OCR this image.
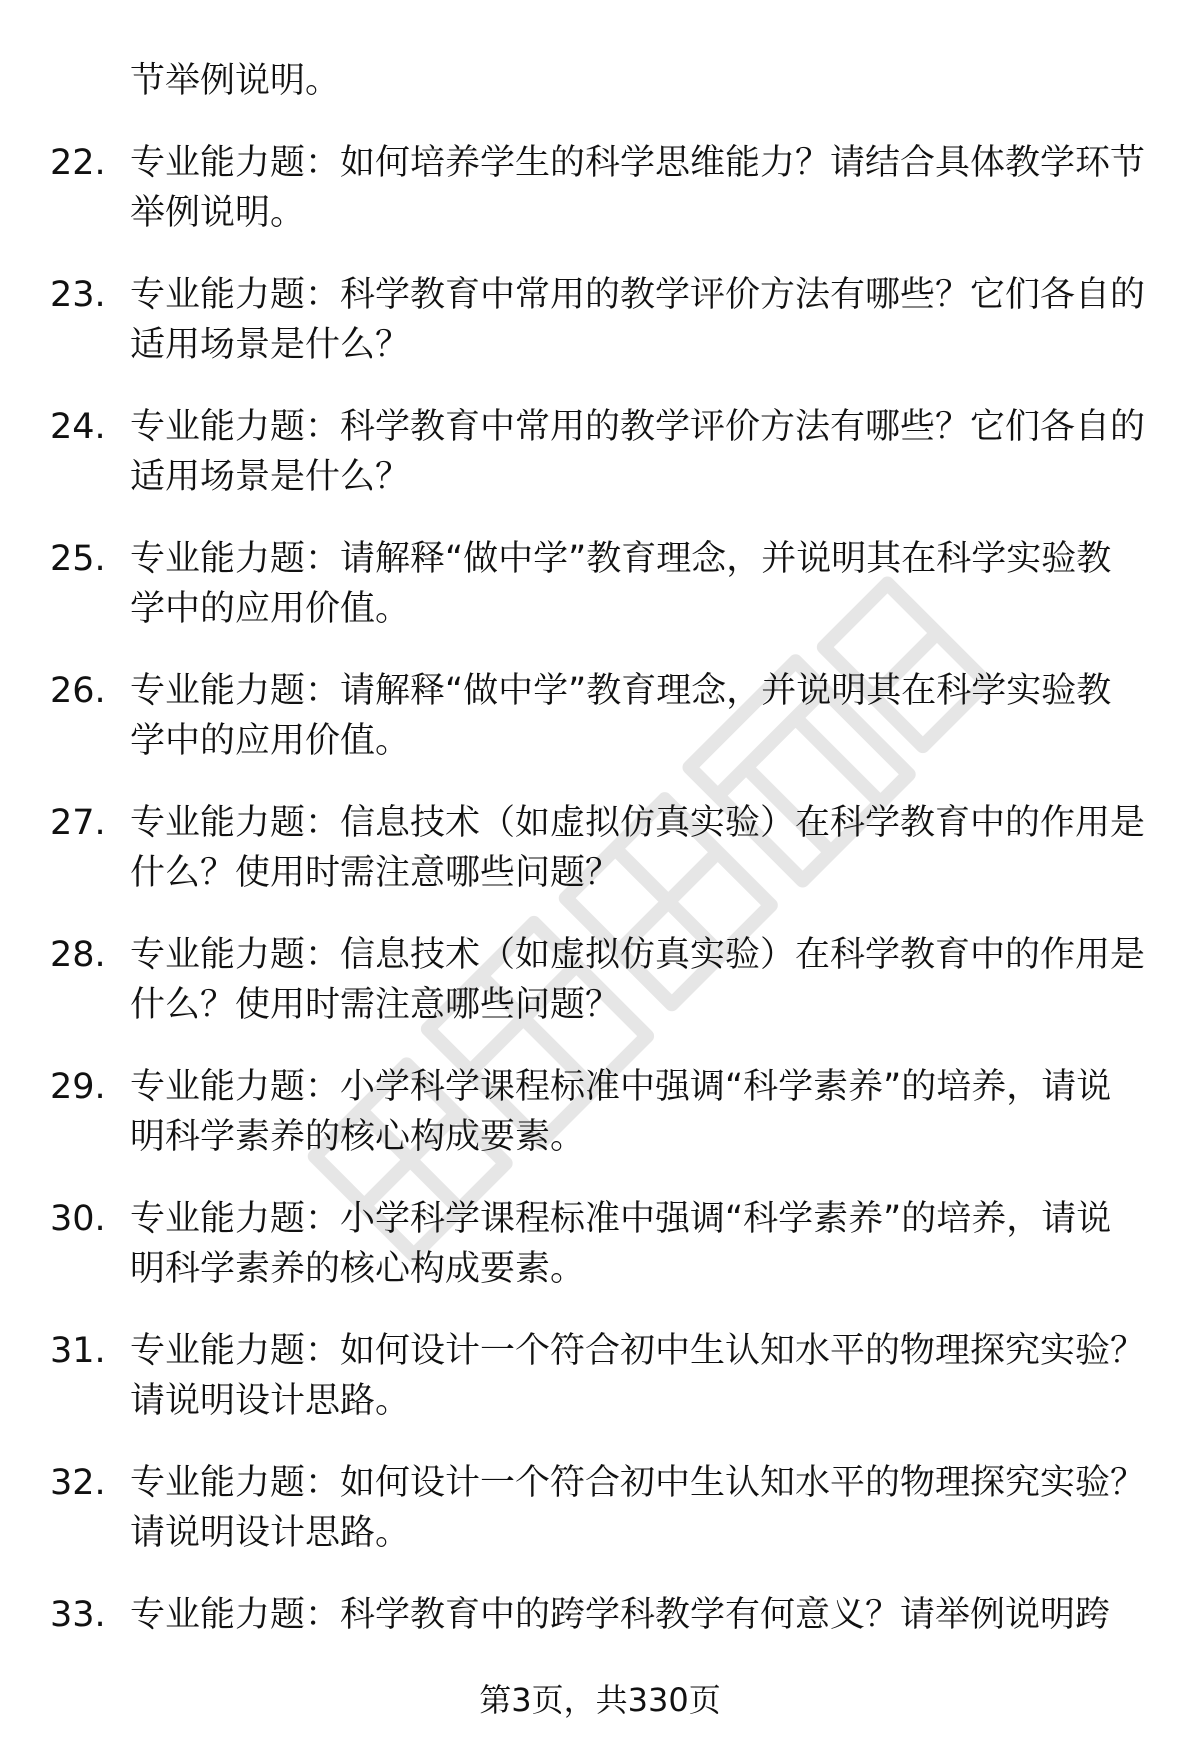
节举例说明。
22. 专业能力题：如何培养学生的科学思维能力？请结合具体教学环节举例说明。
23. 专业能力题：科学教育中常用的教学评价方法有哪些？它们各自的适用场景是什么？
24. 专业能力题：科学教育中常用的教学评价方法有哪些？它们各自的适用场景是什么？
25. 专业能力题：请解释“做中学”教育理念，并说明其在科学实验教学中的应用价值。
26. 专业能力题：请解释“做中学”教育理念，并说明其在科学实验教学中的应用价值。
27. 专业能力题：信息技术（如虚拟仿真实验）在科学教育中的作用是什么？使用时需注意哪些问题？
28. 专业能力题：信息技术（如虚拟仿真实验）在科学教育中的作用是什么？使用时需注意哪些问题？
29. 专业能力题：小学科学课程标准中强调“科学素养”的培养，请说明科学素养的核心构成要素。
30. 专业能力题：小学科学课程标准中强调“科学素养”的培养，请说明科学素养的核心构成要素。
31. 专业能力题：如何设计一个符合初中生认知水平的物理探究实验？请说明设计思路。
32. 专业能力题：如何设计一个符合初中生认知水平的物理探究实验？请说明设计思路。
33. 专业能力题：科学教育中的跨学科教学有何意义？请举例说明跨
第3页，共330页
